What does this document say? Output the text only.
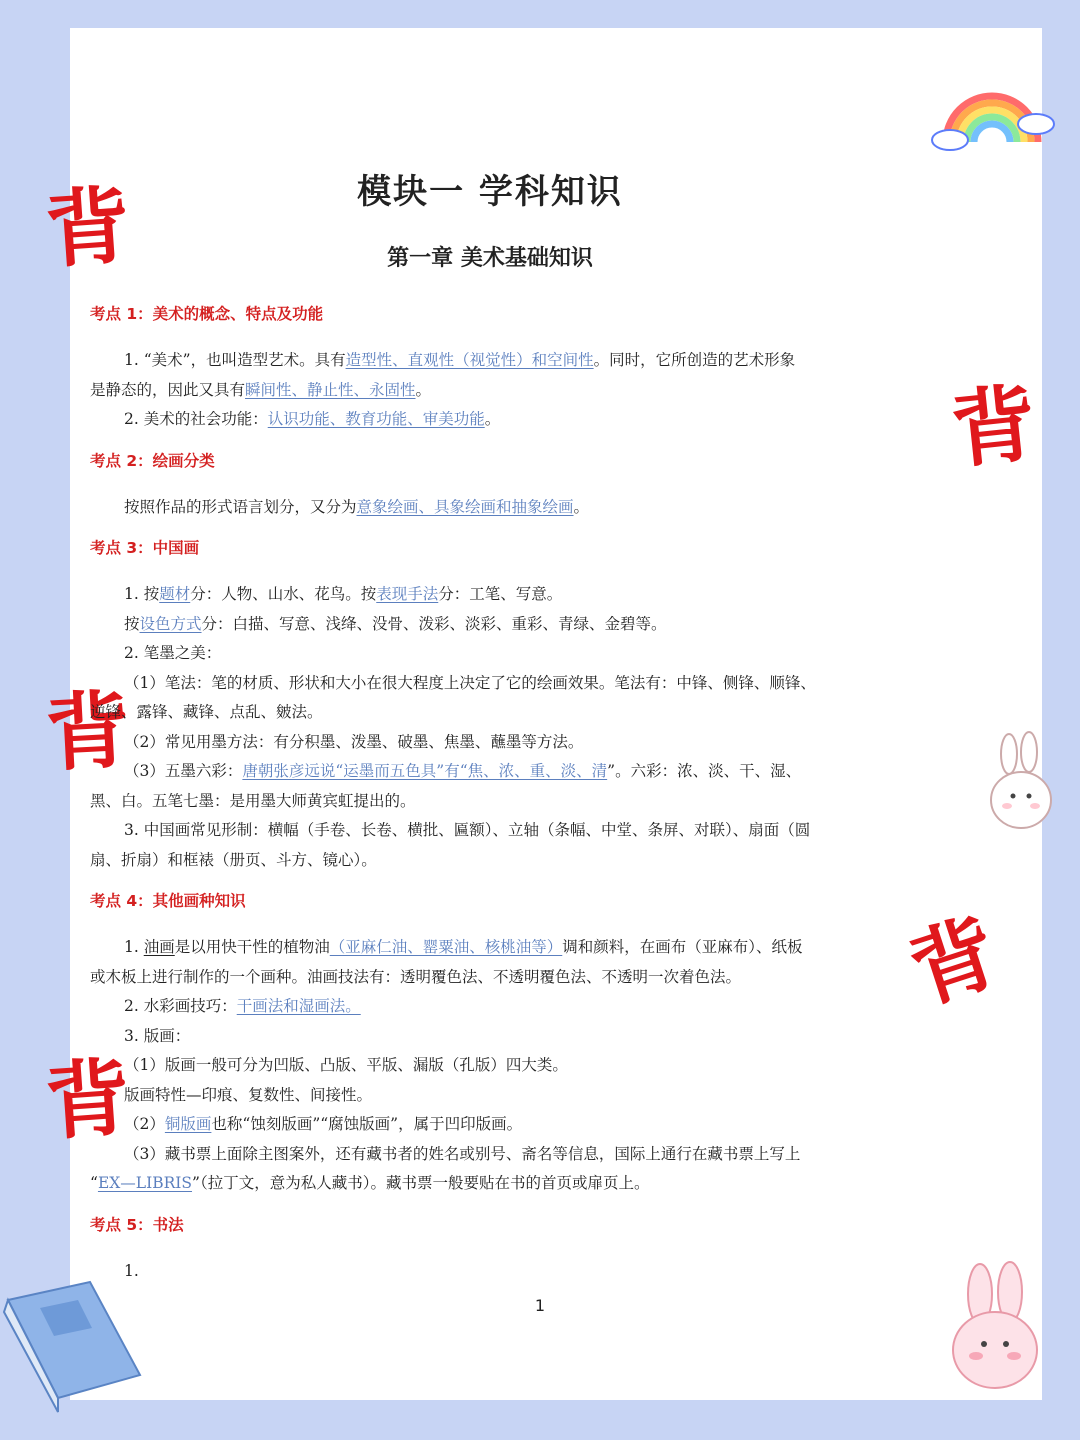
背
背
背
背
背
模块一 学科知识
第一章 美术基础知识
考点 1：美术的概念、特点及功能
1. “美术”，也叫造型艺术。具有造型性、直观性（视觉性）和空间性。同时，它所创造的艺术形象
是静态的，因此又具有瞬间性、静止性、永固性。
2. 美术的社会功能：认识功能、教育功能、审美功能。
考点 2：绘画分类
按照作品的形式语言划分，又分为意象绘画、具象绘画和抽象绘画。
考点 3：中国画
1. 按题材分：人物、山水、花鸟。按表现手法分：工笔、写意。
按设色方式分：白描、写意、浅绛、没骨、泼彩、淡彩、重彩、青绿、金碧等。
2. 笔墨之美：
（1）笔法：笔的材质、形状和大小在很大程度上决定了它的绘画效果。笔法有：中锋、侧锋、顺锋、
逆锋、露锋、藏锋、点乱、皴法。
（2）常见用墨方法：有分积墨、泼墨、破墨、焦墨、蘸墨等方法。
（3）五墨六彩：唐朝张彦远说“运墨而五色具”有“焦、浓、重、淡、清”。六彩：浓、淡、干、湿、
黑、白。五笔七墨：是用墨大师黄宾虹提出的。
3. 中国画常见形制：横幅（手卷、长卷、横批、匾额）、立轴（条幅、中堂、条屏、对联）、扇面（圆
扇、折扇）和框裱（册页、斗方、镜心）。
考点 4：其他画种知识
1. 油画是以用快干性的植物油（亚麻仁油、罂粟油、核桃油等）调和颜料，在画布（亚麻布）、纸板
或木板上进行制作的一个画种。油画技法有：透明覆色法、不透明覆色法、不透明一次着色法。
2. 水彩画技巧：干画法和湿画法。
3. 版画：
（1）版画一般可分为凹版、凸版、平版、漏版（孔版）四大类。
版画特性—印痕、复数性、间接性。
（2）铜版画也称“蚀刻版画”“腐蚀版画”，属于凹印版画。
（3）藏书票上面除主图案外，还有藏书者的姓名或别号、斋名等信息，国际上通行在藏书票上写上
“EX—LIBRIS”（拉丁文，意为私人藏书）。藏书票一般要贴在书的首页或扉页上。
考点 5：书法
1.
1
